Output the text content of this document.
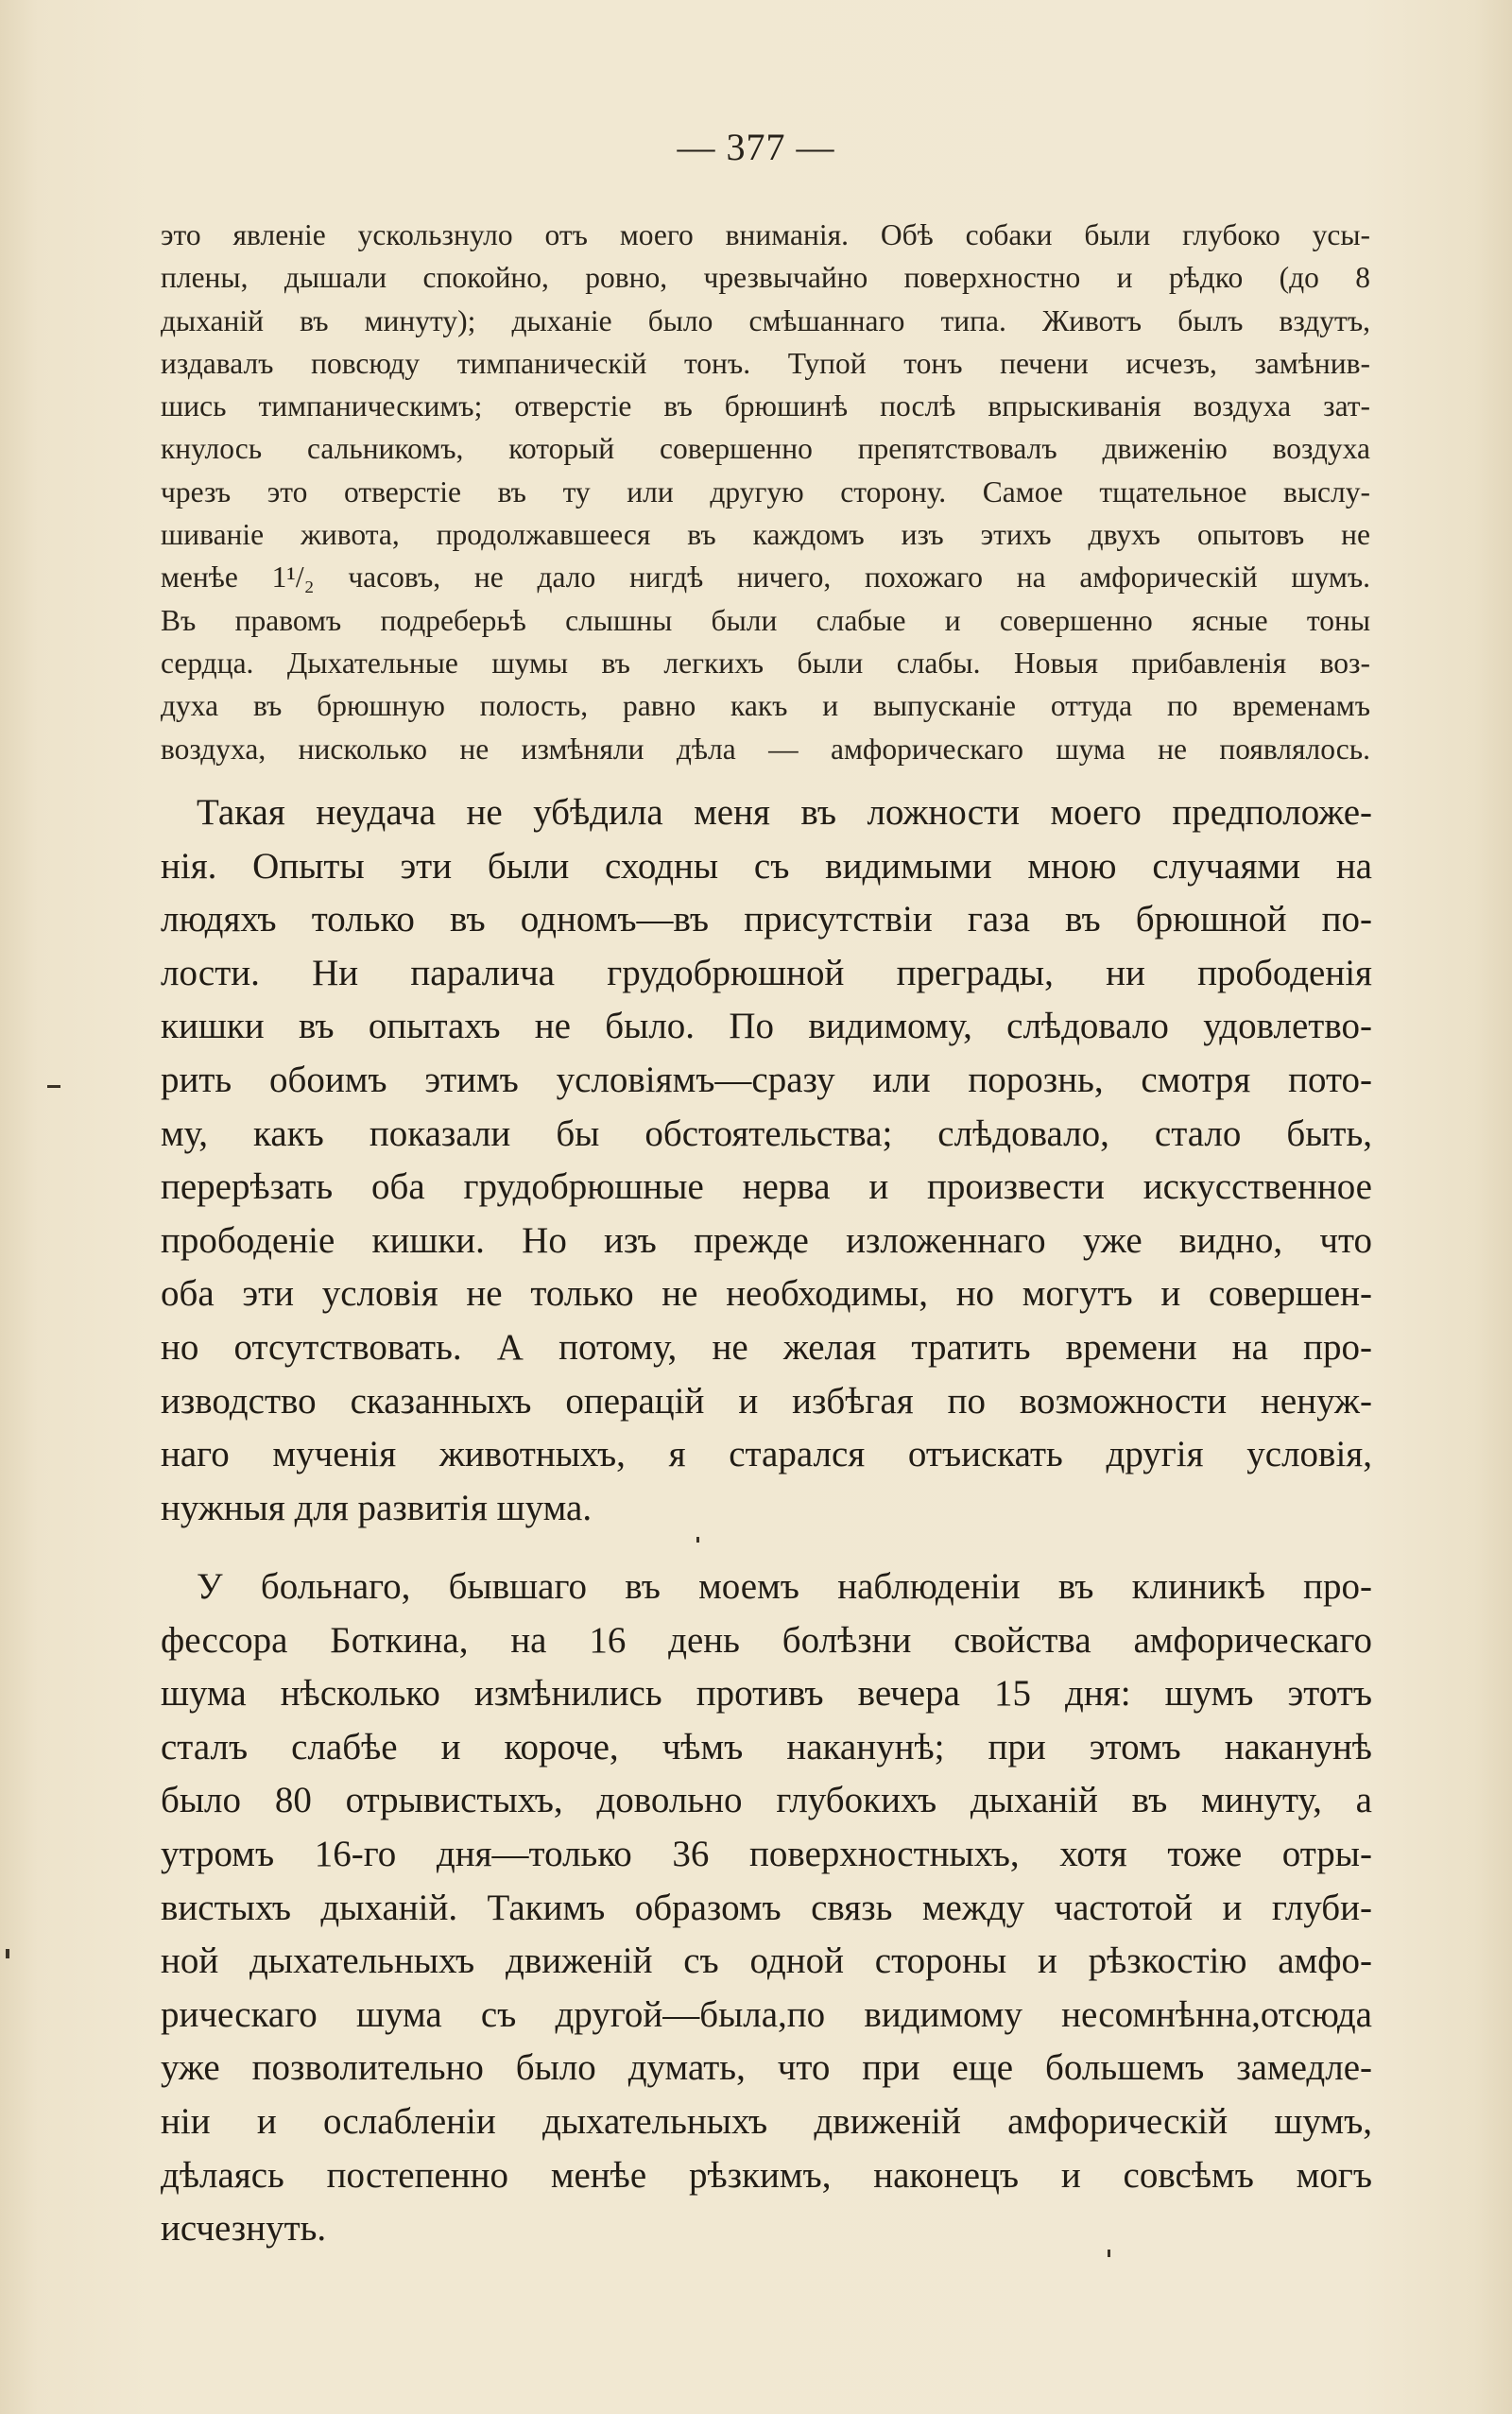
— 377 —
это явленіе ускользнуло отъ моего вниманія. Обѣ собаки были глубоко усы-
плены, дышали спокойно, ровно, чрезвычайно поверхностно и рѣдко (до 8
дыханій въ минуту); дыханіе было смѣшаннаго типа. Животъ былъ вздутъ,
издавалъ повсюду тимпаническій тонъ. Тупой тонъ печени исчезъ, замѣнив-
шись тимпаническимъ; отверстіе въ брюшинѣ послѣ впрыскиванія воздуха зат-
кнулось сальникомъ, который совершенно препятствовалъ движенію воздуха
чрезъ это отверстіе въ ту или другую сторону. Самое тщательное выслу-
шиваніе живота, продолжавшееся въ каждомъ изъ этихъ двухъ опытовъ не
менѣе 1¹/₂ часовъ, не дало нигдѣ ничего, похожаго на амфорическій шумъ.
Въ правомъ подреберьѣ слышны были слабые и совершенно ясные тоны
сердца. Дыхательные шумы въ легкихъ были слабы. Новыя прибавленія воз-
духа въ брюшную полость, равно какъ и выпусканіе оттуда по временамъ
воздуха, нисколько не измѣняли дѣла — амфорическаго шума не появлялось.
Такая неудача не убѣдила меня въ ложности моего предположе-
нія. Опыты эти были сходны съ видимыми мною случаями на
людяхъ только въ одномъ—въ присутствіи газа въ брюшной по-
лости. Ни паралича грудобрюшной преграды, ни прободенія
кишки въ опытахъ не было. По видимому, слѣдовало удовлетво-
рить обоимъ этимъ условіямъ—сразу или порознь, смотря пото-
му, какъ показали бы обстоятельства; слѣдовало, стало быть,
перерѣзать оба грудобрюшные нерва и произвести искусственное
прободеніе кишки. Но изъ прежде изложеннаго уже видно, что
оба эти условія не только не необходимы, но могутъ и совершен-
но отсутствовать. А потому, не желая тратить времени на про-
изводство сказанныхъ операцій и избѣгая по возможности ненуж-
наго мученія животныхъ, я старался отъискать другія условія,
нужныя для развитія шума.
У больнаго, бывшаго въ моемъ наблюденіи въ клиникѣ про-
фессора Боткина, на 16 день болѣзни свойства амфорическаго
шума нѣсколько измѣнились противъ вечера 15 дня: шумъ этотъ
сталъ слабѣе и короче, чѣмъ наканунѣ; при этомъ наканунѣ
было 80 отрывистыхъ, довольно глубокихъ дыханій въ минуту, а
утромъ 16-го дня—только 36 поверхностныхъ, хотя тоже отры-
вистыхъ дыханій. Такимъ образомъ связь между частотой и глуби-
ной дыхательныхъ движеній съ одной стороны и рѣзкостію амфо-
рическаго шума съ другой—была,по видимому несомнѣнна,отсюда
уже позволительно было думать, что при еще большемъ замедле-
ніи и ослабленіи дыхательныхъ движеній амфорическій шумъ,
дѣлаясь постепенно менѣе рѣзкимъ, наконецъ и совсѣмъ могъ
исчезнуть.
